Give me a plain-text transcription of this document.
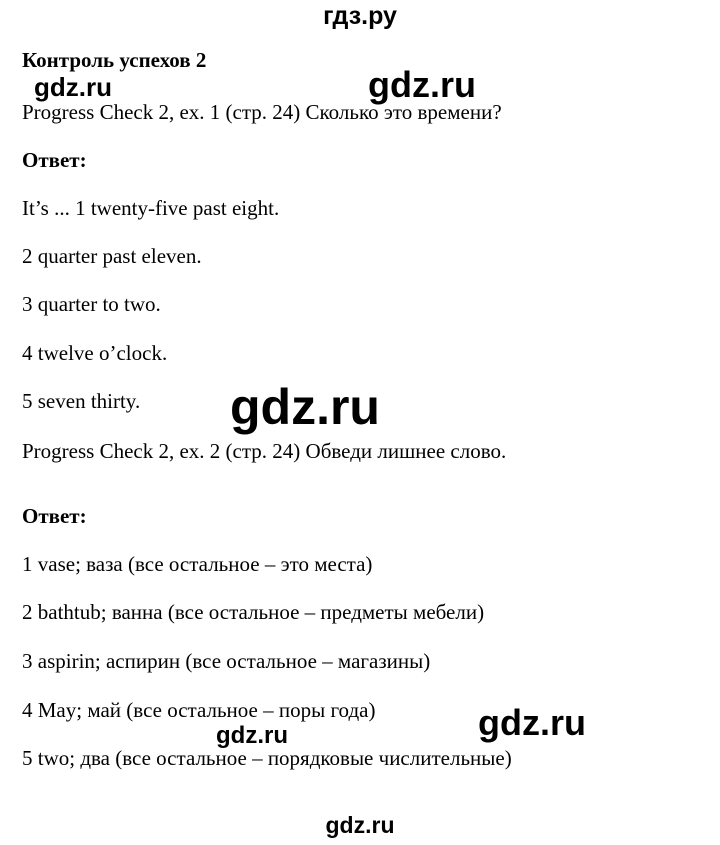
гдз.ру
Контроль успехов 2
gdz.ru	gdz.ru
Progress Check 2, ex. 1 (стр. 24) Сколько это времени?
Ответ:
It’s ... 1 twenty-five past eight.
2 quarter past eleven.
3 quarter to two.
4 twelve o’clock.
5 seven thirty. gdz.ru
Progress Check 2, ex. 2 (стр. 24) Обведи лишнее слово.
Ответ:
1 vase; ваза (все остальное – это места)
2 bathtub; ванна (все остальное – предметы мебели)
3 aspirin; аспирин (все остальное – магазины)
4 May; май (все остальное – поры года)
5 two; два (все остальное – порядковые числительные)
gdz.ru
gdz.ru
gdz.ru
